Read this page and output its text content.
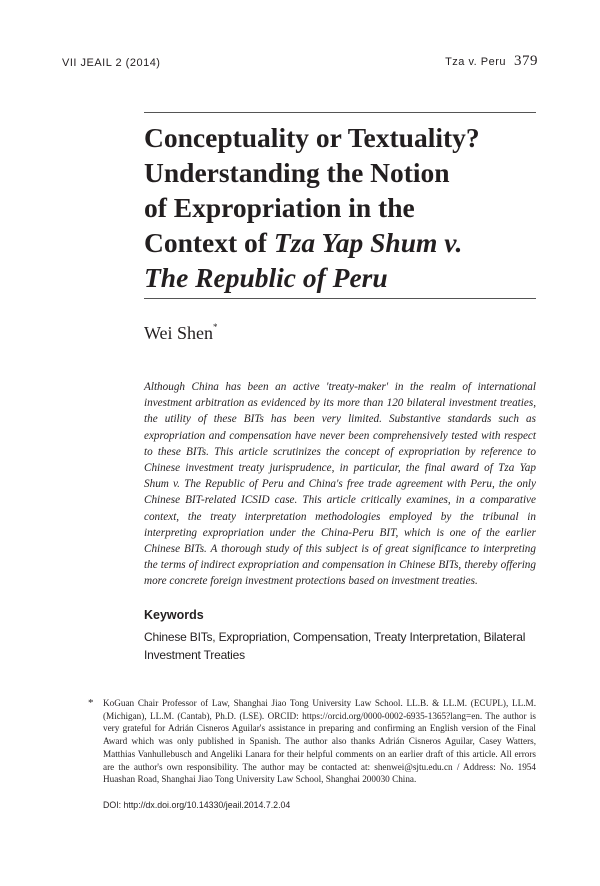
VII JEAIL 2 (2014)	Tza v. Peru 379
Conceptuality or Textuality?
Understanding the Notion
of Expropriation in the
Context of Tza Yap Shum v.
The Republic of Peru
Wei Shen*

Although China has been an active 'treaty-maker' in the realm of international investment arbitration as evidenced by its more than 120 bilateral investment treaties, the utility of these BITs has been very limited. Substantive standards such as expropriation and compensation have never been comprehensively tested with respect to these BITs. This article scrutinizes the concept of expropriation by reference to Chinese investment treaty jurisprudence, in particular, the final award of Tza Yap Shum v. The Republic of Peru and China's free trade agreement with Peru, the only Chinese BIT-related ICSID case. This article critically examines, in a comparative context, the treaty interpretation methodologies employed by the tribunal in interpreting expropriation under the China-Peru BIT, which is one of the earlier Chinese BITs. A thorough study of this subject is of great significance to interpreting the terms of indirect expropriation and compensation in Chinese BITs, thereby offering more concrete foreign investment protections based on investment treaties.

Keywords

Chinese BITs, Expropriation, Compensation, Treaty Interpretation, Bilateral Investment Treaties

* KoGuan Chair Professor of Law, Shanghai Jiao Tong University Law School. LL.B. & LL.M. (ECUPL), LL.M. (Michigan), LL.M. (Cantab), Ph.D. (LSE). ORCID: https://orcid.org/0000-0002-6935-1365?lang=en. The author is very grateful for Adrián Cisneros Aguilar's assistance in preparing and confirming an English version of the Final Award which was only published in Spanish. The author also thanks Adrián Cisneros Aguilar, Casey Watters, Matthias Vanhullebusch and Angeliki Lanara for their helpful comments on an earlier draft of this article. All errors are the author's own responsibility. The author may be contacted at: shenwei@sjtu.edu.cn / Address: No. 1954 Huashan Road, Shanghai Jiao Tong University Law School, Shanghai 200030 China.

DOI: http://dx.doi.org/10.14330/jeail.2014.7.2.04
